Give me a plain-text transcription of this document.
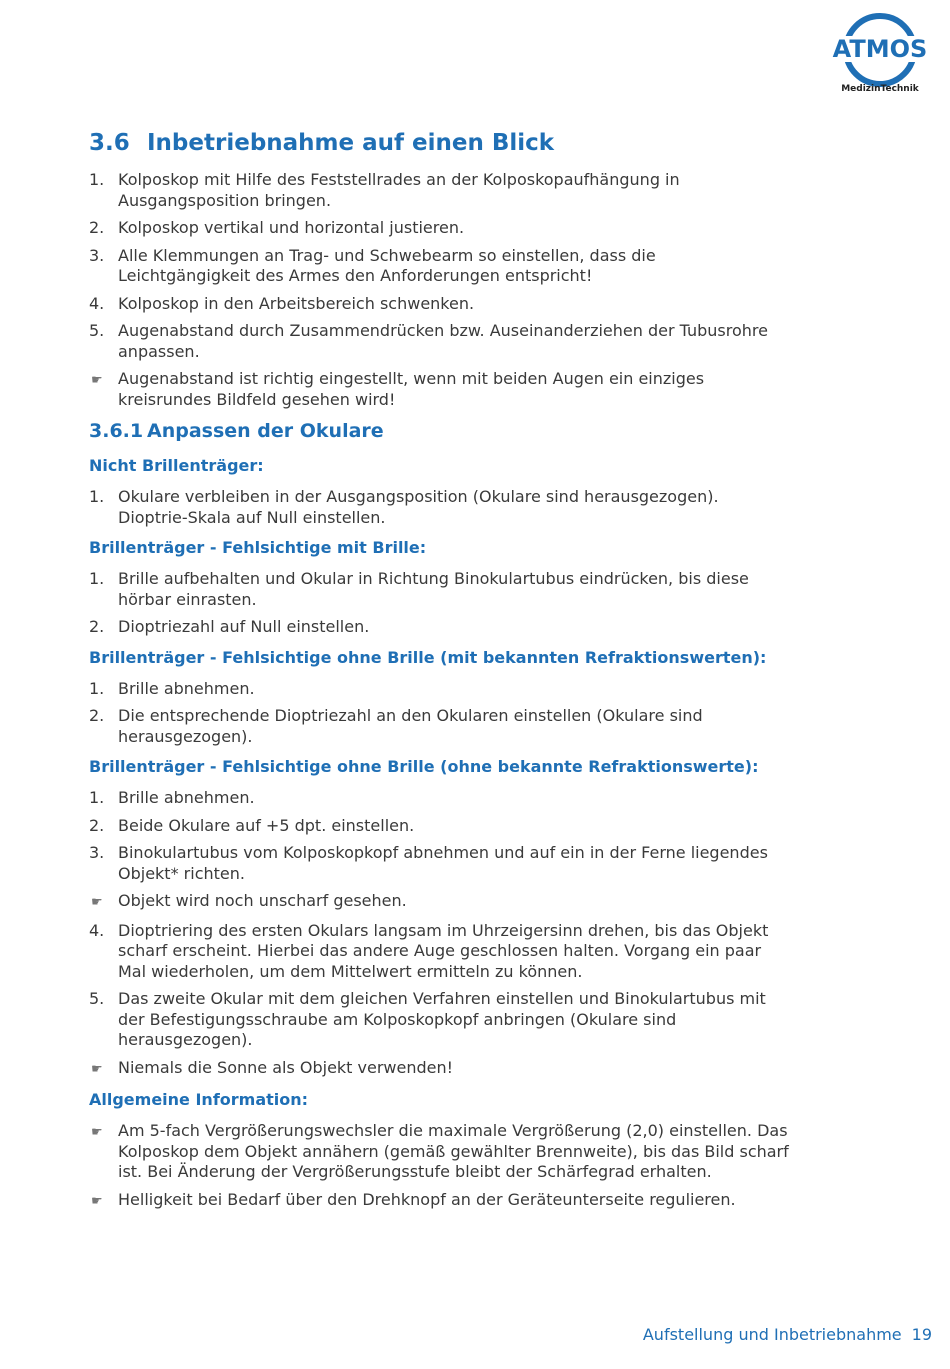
ATMOS
MedizinTechnik
3.6 Inbetriebnahme auf einen Blick
1. Kolposkop mit Hilfe des Feststellrades an der Kolposkopaufhängung in Ausgangsposition bringen.
2. Kolposkop vertikal und horizontal justieren.
3. Alle Klemmungen an Trag- und Schwebearm so einstellen, dass die Leichtgängigkeit des Armes den Anforderungen entspricht!
4. Kolposkop in den Arbeitsbereich schwenken.
5. Augenabstand durch Zusammendrücken bzw. Auseinanderziehen der Tubusrohre anpassen.
☛ Augenabstand ist richtig eingestellt, wenn mit beiden Augen ein einziges kreisrundes Bildfeld gesehen wird!
3.6.1 Anpassen der Okulare
Nicht Brillenträger:
1. Okulare verbleiben in der Ausgangsposition (Okulare sind herausgezogen). Dioptrie-Skala auf Null einstellen.
Brillenträger - Fehlsichtige mit Brille:
1. Brille aufbehalten und Okular in Richtung Binokulartubus eindrücken, bis diese hörbar einrasten.
2. Dioptriezahl auf Null einstellen.
Brillenträger - Fehlsichtige ohne Brille (mit bekannten Refraktionswerten):
1. Brille abnehmen.
2. Die entsprechende Dioptriezahl an den Okularen einstellen (Okulare sind herausgezogen).
Brillenträger - Fehlsichtige ohne Brille (ohne bekannte Refraktionswerte):
1. Brille abnehmen.
2. Beide Okulare auf +5 dpt. einstellen.
3. Binokulartubus vom Kolposkopkopf abnehmen und auf ein in der Ferne liegendes Objekt* richten.
☛ Objekt wird noch unscharf gesehen.
4. Dioptriering des ersten Okulars langsam im Uhrzeigersinn drehen, bis das Objekt scharf erscheint. Hierbei das andere Auge geschlossen halten. Vorgang ein paar Mal wiederholen, um dem Mittelwert ermitteln zu können.
5. Das zweite Okular mit dem gleichen Verfahren einstellen und Binokulartubus mit der Befestigungsschraube am Kolposkopkopf anbringen (Okulare sind herausgezogen).
☛ Niemals die Sonne als Objekt verwenden!
Allgemeine Information:
☛ Am 5-fach Vergrößerungswechsler die maximale Vergrößerung (2,0) einstellen. Das Kolposkop dem Objekt annähern (gemäß gewählter Brennweite), bis das Bild scharf ist. Bei Änderung der Vergrößerungsstufe bleibt der Schärfegrad erhalten.
☛ Helligkeit bei Bedarf über den Drehknopf an der Geräteunterseite regulieren.
Aufstellung und Inbetriebnahme 19
